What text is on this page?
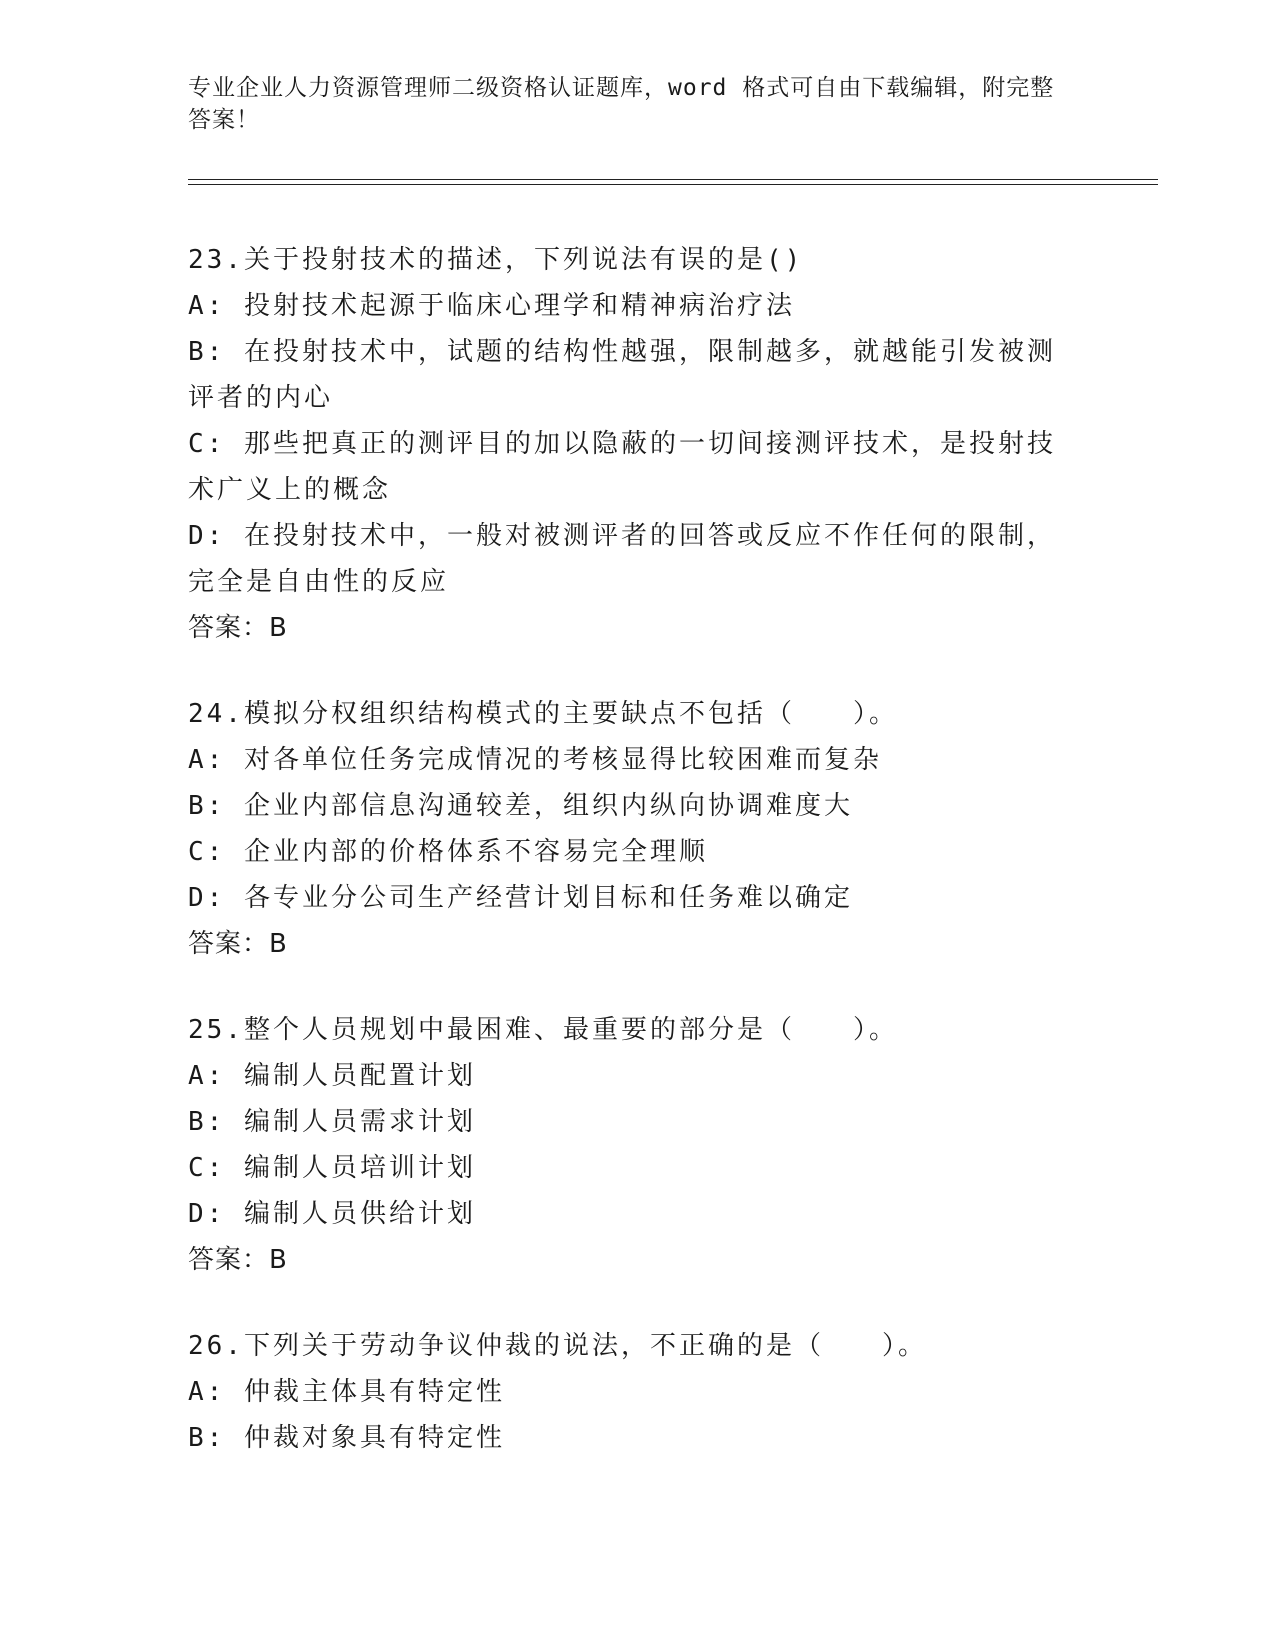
专业企业人力资源管理师二级资格认证题库，word 格式可自由下载编辑，附完整答案！

23.关于投射技术的描述，下列说法有误的是()

A: 投射技术起源于临床心理学和精神病治疗法

B: 在投射技术中，试题的结构性越强，限制越多，就越能引发被测评者的内心

C: 那些把真正的测评目的加以隐蔽的一切间接测评技术，是投射技术广义上的概念

D: 在投射技术中，一般对被测评者的回答或反应不作任何的限制，完全是自由性的反应

答案：B

24.模拟分权组织结构模式的主要缺点不包括（　　）。

A: 对各单位任务完成情况的考核显得比较困难而复杂

B: 企业内部信息沟通较差，组织内纵向协调难度大

C: 企业内部的价格体系不容易完全理顺

D: 各专业分公司生产经营计划目标和任务难以确定

答案：B

25.整个人员规划中最困难、最重要的部分是（　　）。

A: 编制人员配置计划

B: 编制人员需求计划

C: 编制人员培训计划

D: 编制人员供给计划

答案：B

26.下列关于劳动争议仲裁的说法，不正确的是（　　）。

A: 仲裁主体具有特定性

B: 仲裁对象具有特定性
